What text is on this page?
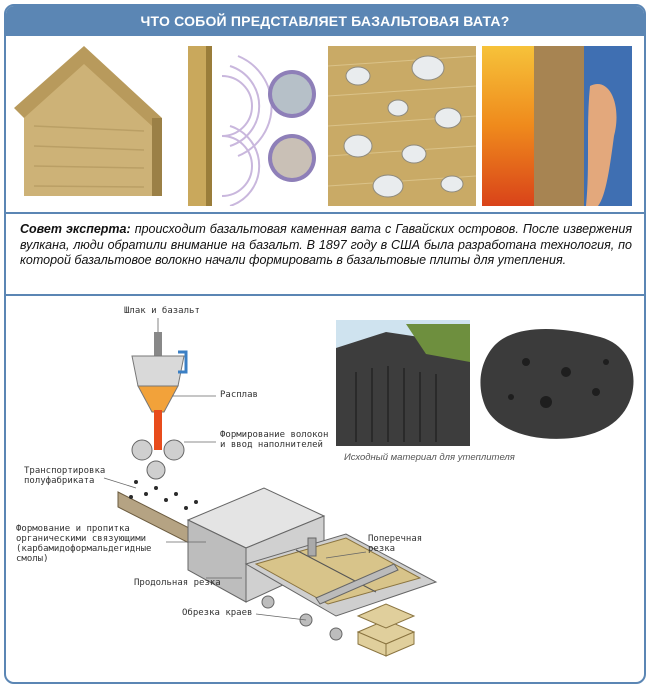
ЧТО СОБОЙ ПРЕДСТАВЛЯЕТ БАЗАЛЬТОВАЯ ВАТА?
Совет эксперта: происходит базальтовая каменная вата с Гавайских островов. После извержения вулкана, люди обратили внимание на базальт. В 1897 году в США была разработана технология, по которой базальтовое волокно начали формировать в базальтовые плиты для утепления.
Шлак и базальт
Расплав
Формирование волокон и ввод наполнителей
Транспортировка полуфабриката
Формование и пропитка органическими связующими (карбамидоформальдегидные смолы)
Продольная резка
Поперечная резка
Обрезка краев
Исходный материал для утеплителя
